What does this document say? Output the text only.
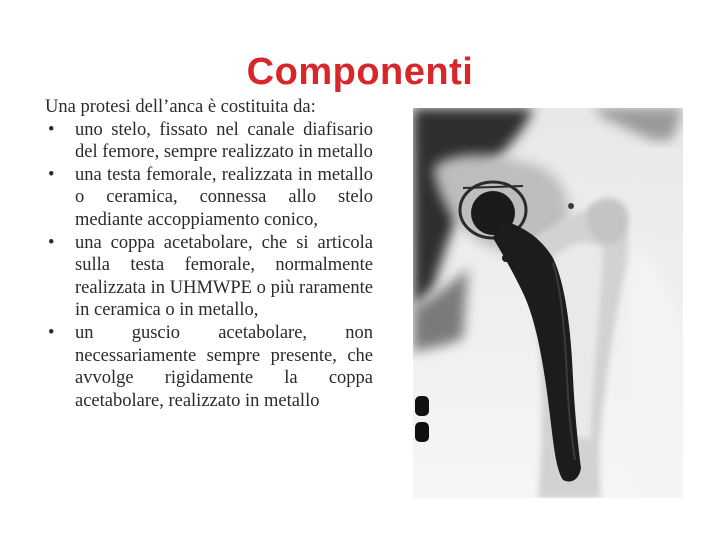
Componenti

Una protesi dell’anca è costituita da:

• uno stelo, fissato nel canale diafisario del femore, sempre realizzato in metallo
• una testa femorale, realizzata in metallo o ceramica, connessa allo stelo mediante accoppiamento conico,
• una coppa acetabolare, che si articola sulla testa femorale, normalmente realizzata in UHMWPE o più raramente in ceramica o in metallo,
• un guscio acetabolare, non necessariamente sempre presente, che avvolge rigidamente la coppa acetabolare, realizzato in metallo
